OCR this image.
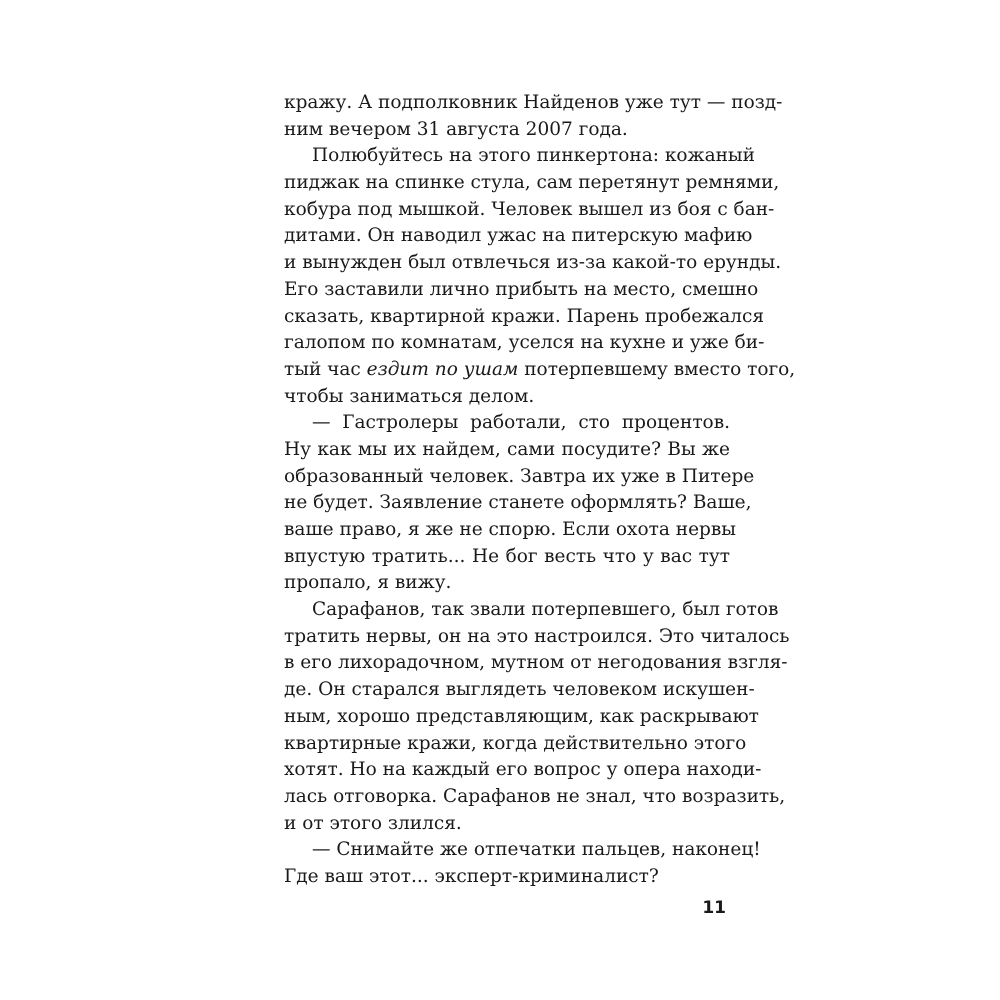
кражу. А подполковник Найденов уже тут — позд-
ним вечером 31 августа 2007 года.
Полюбуйтесь на этого пинкертона: кожаный
пиджак на спинке стула, сам перетянут ремнями,
кобура под мышкой. Человек вышел из боя с бан-
дитами. Он наводил ужас на питерскую мафию
и вынужден был отвлечься из-за какой-то ерунды.
Его заставили лично прибыть на место, смешно
сказать, квартирной кражи. Парень пробежался
галопом по комнатам, уселся на кухне и уже би-
тый час ездит по ушам потерпевшему вместо того,
чтобы заниматься делом.
— Гастролеры работали, сто процентов.
Ну как мы их найдем, сами посудите? Вы же
образованный человек. Завтра их уже в Питере
не будет. Заявление станете оформлять? Ваше,
ваше право, я же не спорю. Если охота нервы
впустую тратить... Не бог весть что у вас тут
пропало, я вижу.
Сарафанов, так звали потерпевшего, был готов
тратить нервы, он на это настроился. Это читалось
в его лихорадочном, мутном от негодования взгля-
де. Он старался выглядеть человеком искушен-
ным, хорошо представляющим, как раскрывают
квартирные кражи, когда действительно этого
хотят. Но на каждый его вопрос у опера находи-
лась отговорка. Сарафанов не знал, что возразить,
и от этого злился.
— Снимайте же отпечатки пальцев, наконец!
Где ваш этот... эксперт-криминалист?
11
